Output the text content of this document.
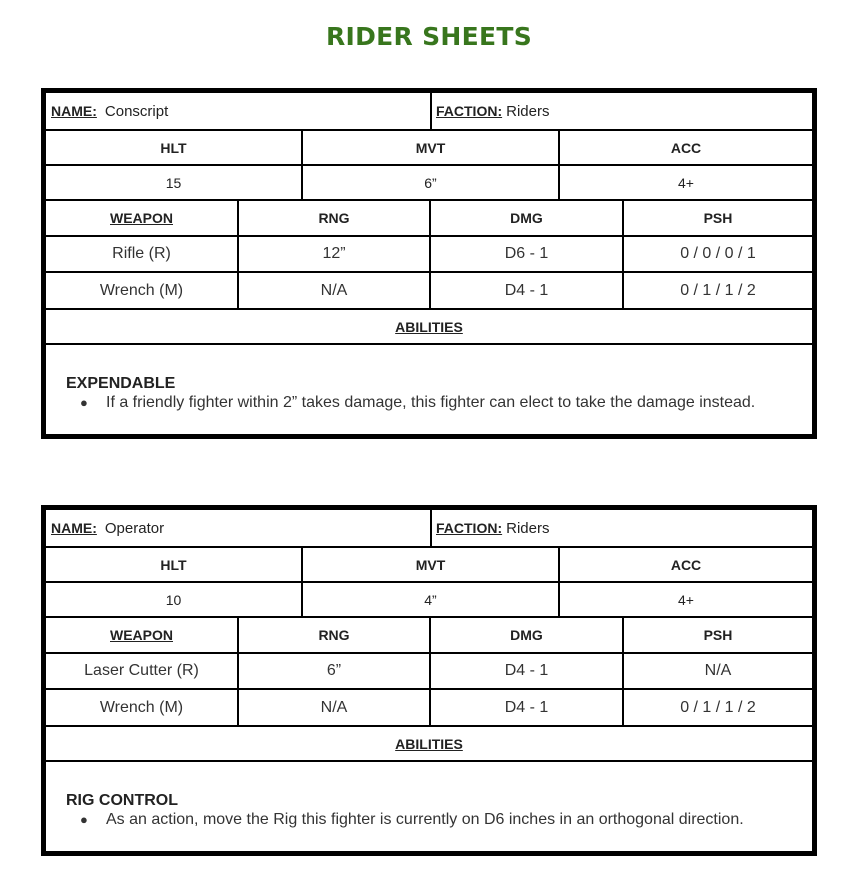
RIDER SHEETS
NAME: Conscript	FACTION: Riders
HLT	MVT	ACC
15	6”	4+
WEAPON	RNG	DMG	PSH
Rifle (R)	12”	D6 - 1	0 / 0 / 0 / 1
Wrench (M)	N/A	D4 - 1	0 / 1 / 1 / 2
ABILITIES
EXPENDABLE
● If a friendly fighter within 2” takes damage, this fighter can elect to take the damage instead.
NAME: Operator	FACTION: Riders
HLT	MVT	ACC
10	4”	4+
WEAPON	RNG	DMG	PSH
Laser Cutter (R)	6”	D4 - 1	N/A
Wrench (M)	N/A	D4 - 1	0 / 1 / 1 / 2
ABILITIES
RIG CONTROL
● As an action, move the Rig this fighter is currently on D6 inches in an orthogonal direction.
